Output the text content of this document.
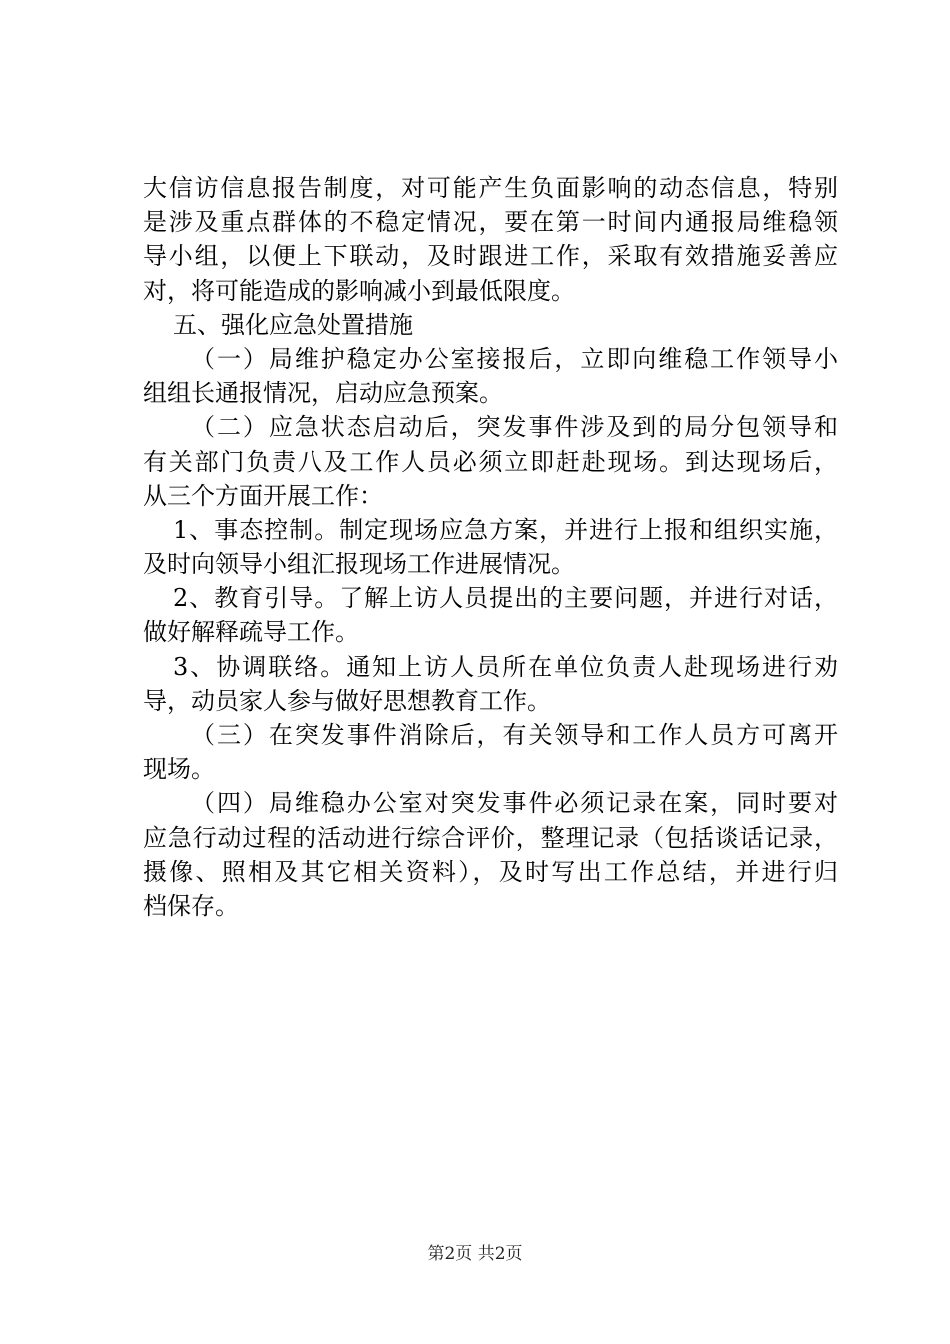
大信访信息报告制度，对可能产生负面影响的动态信息，特别
是涉及重点群体的不稳定情况，要在第一时间内通报局维稳领
导小组，以便上下联动，及时跟进工作，采取有效措施妥善应
对，将可能造成的影响减小到最低限度。
五、强化应急处置措施
（一）局维护稳定办公室接报后，立即向维稳工作领导小
组组长通报情况，启动应急预案。
（二）应急状态启动后，突发事件涉及到的局分包领导和
有关部门负责八及工作人员必须立即赶赴现场。到达现场后，
从三个方面开展工作：
1、事态控制。制定现场应急方案，并进行上报和组织实施，
及时向领导小组汇报现场工作进展情况。
2、教育引导。了解上访人员提出的主要问题，并进行对话，
做好解释疏导工作。
3、协调联络。通知上访人员所在单位负责人赴现场进行劝
导，动员家人参与做好思想教育工作。
（三）在突发事件消除后，有关领导和工作人员方可离开
现场。
（四）局维稳办公室对突发事件必须记录在案，同时要对
应急行动过程的活动进行综合评价，整理记录（包括谈话记录，
摄像、照相及其它相关资料），及时写出工作总结，并进行归
档保存。
第2页 共2页
